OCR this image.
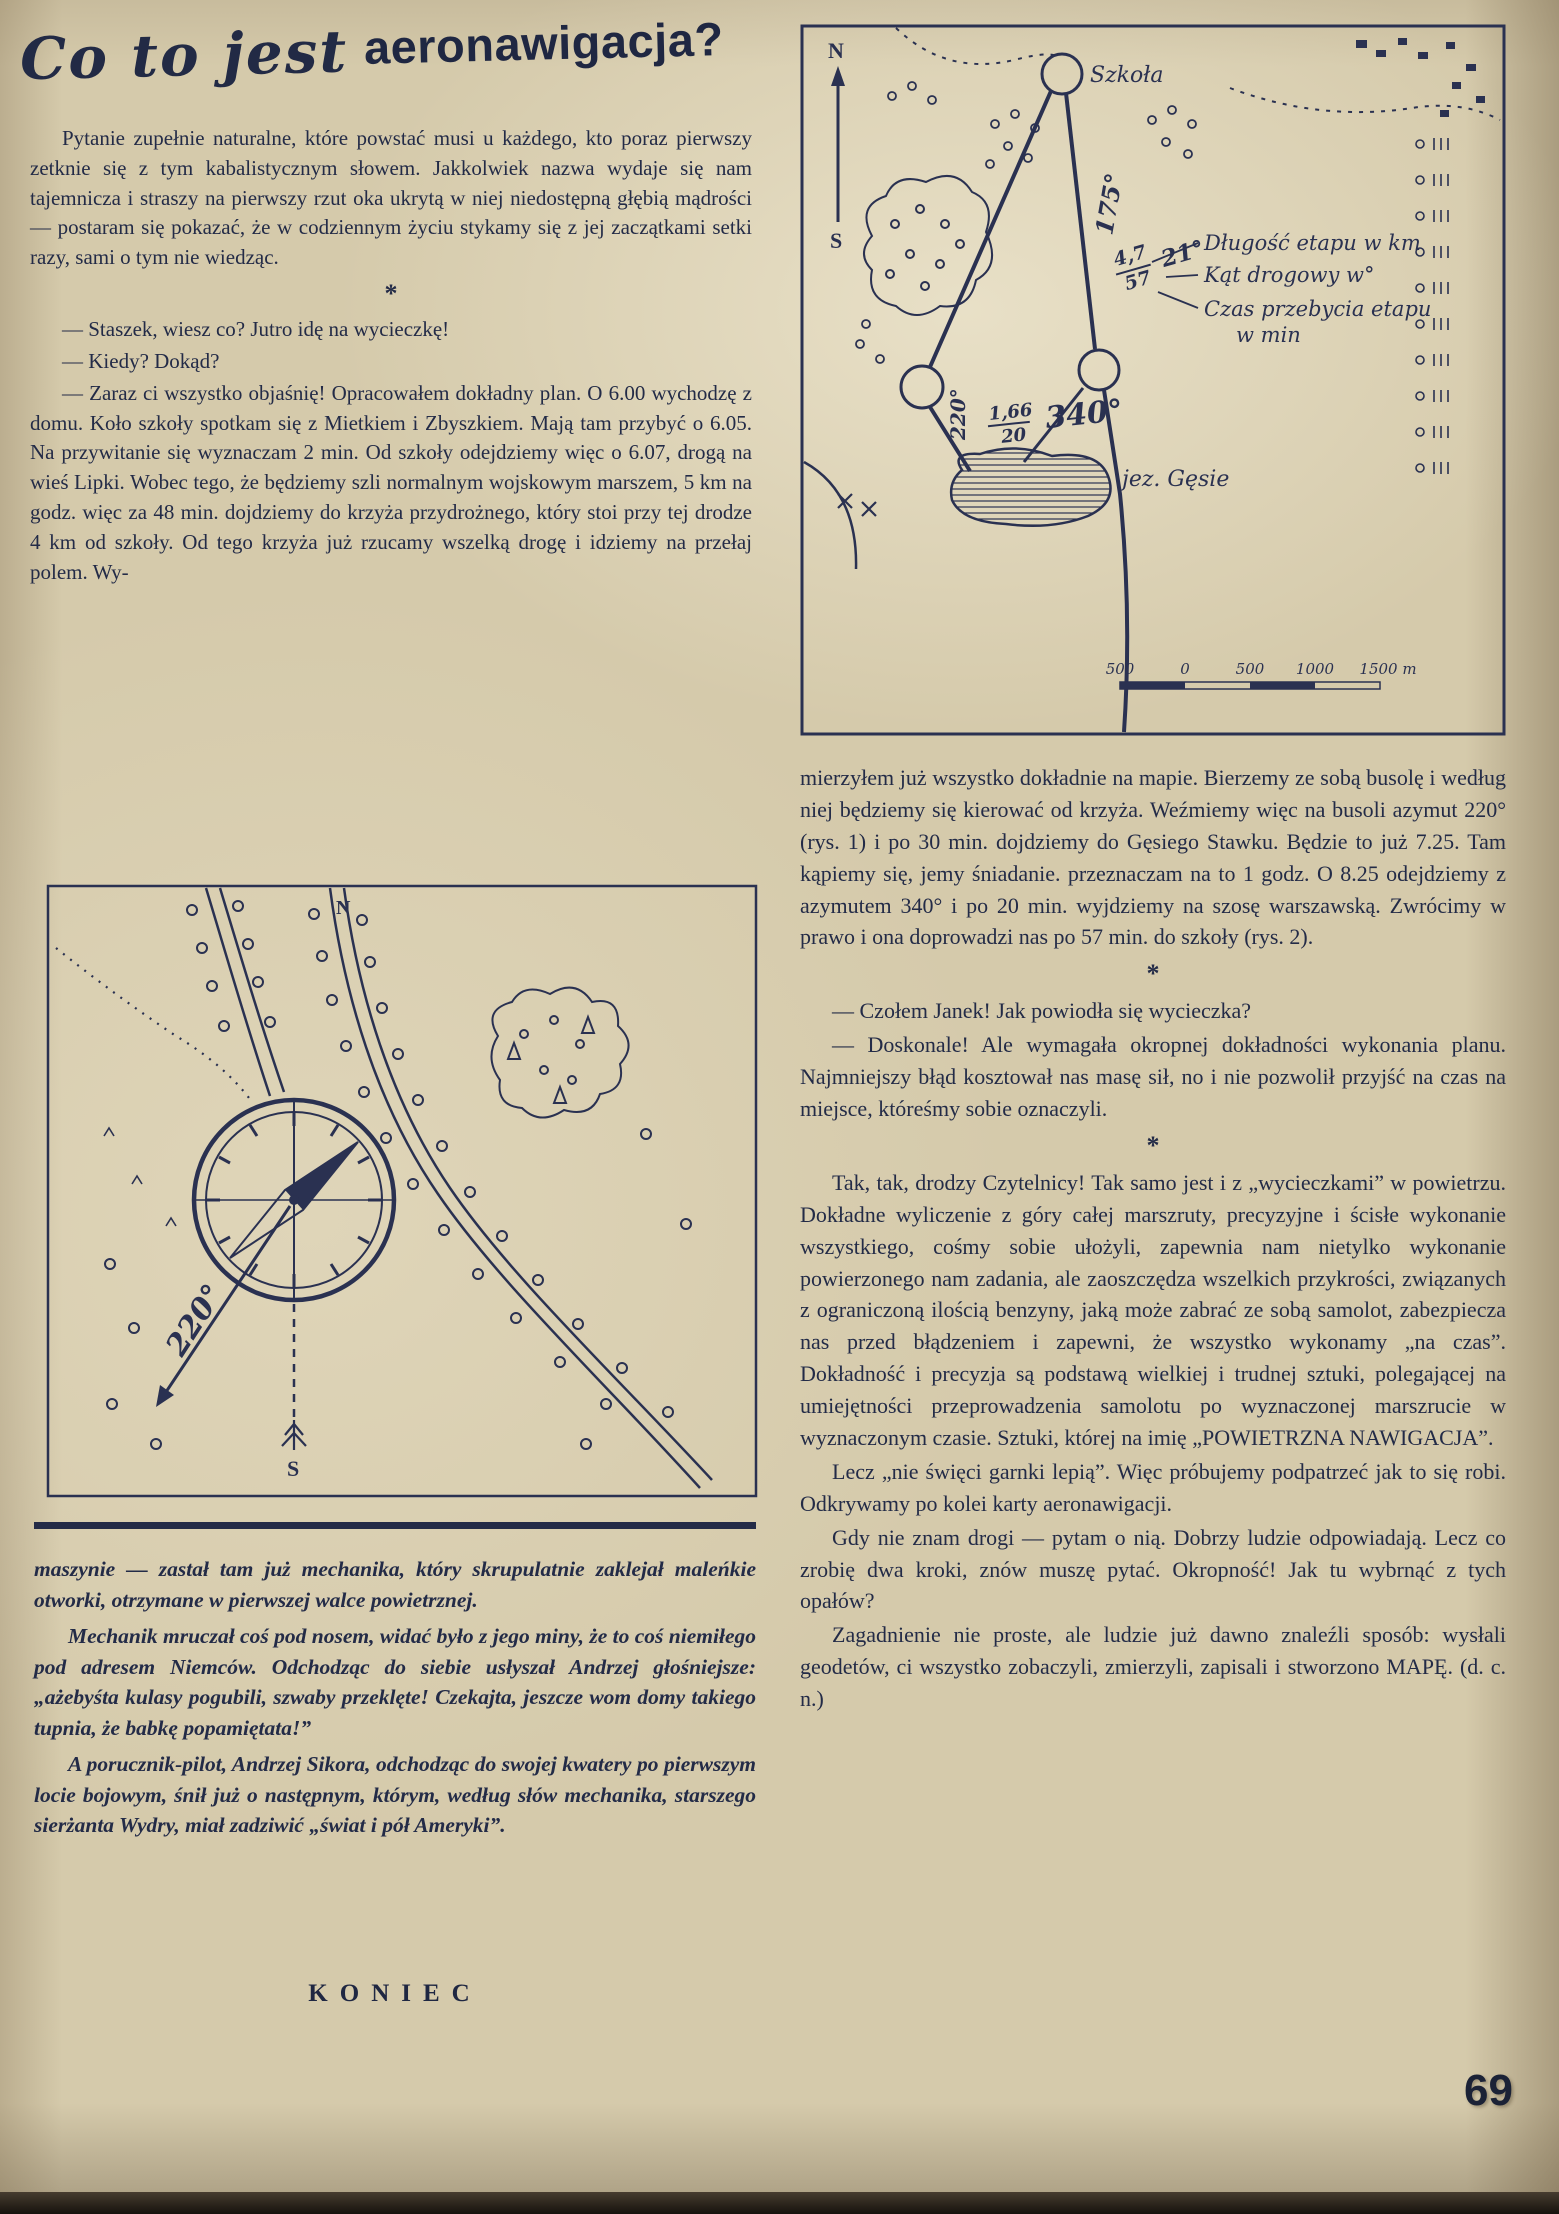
Co to jest aeronawigacja?

Pytanie zupełnie naturalne, które powstać musi u każdego, kto poraz pierwszy zetknie się z tym kabalistycznym słowem. Jakkolwiek nazwa wydaje się nam tajemnicza i straszy na pierwszy rzut oka ukrytą w niej niedostępną głębią mądrości — postaram się pokazać, że w codziennym życiu stykamy się z jej zaczątkami setki razy, sami o tym nie wiedząc.

*

— Staszek, wiesz co? Jutro idę na wycieczkę!

— Kiedy? Dokąd?

— Zaraz ci wszystko objaśnię! Opracowałem dokładny plan. O 6.00 wychodzę z domu. Koło szkoły spotkam się z Mietkiem i Zbyszkiem. Mają tam przybyć o 6.05. Na przywitanie się wyznaczam 2 min. Od szkoły odejdziemy więc o 6.07, drogą na wieś Lipki. Wobec tego, że będziemy szli normalnym wojskowym marszem, 5 km na godz. więc za 48 min. dojdziemy do krzyża przydrożnego, który stoi przy tej drodze 4 km od szkoły. Od tego krzyża już rzucamy wszelką drogę i idziemy na przełaj polem. Wy-

N
S
Szkoła
175°
4,7
57
21°
1,66
20
340°
220°
Długość etapu w km
Kąt drogowy w°
Czas przebycia etapu
w min
jez. Gęsie
500	0	500 1000 1500 m

mierzyłem już wszystko dokładnie na mapie. Bierzemy ze sobą busolę i według niej będziemy się kierować od krzyża. Weźmiemy więc na busoli azymut 220° (rys. 1) i po 30 min. dojdziemy do Gęsiego Stawku. Będzie to już 7.25. Tam kąpiemy się, jemy śniadanie. przeznaczam na to 1 godz. O 8.25 odejdziemy z azymutem 340° i po 20 min. wyjdziemy na szosę warszawską. Zwrócimy w prawo i ona doprowadzi nas po 57 min. do szkoły (rys. 2).

*

— Czołem Janek! Jak powiodła się wycieczka?

— Doskonale! Ale wymagała okropnej dokładności wykonania planu. Najmniejszy błąd kosztował nas masę sił, no i nie pozwolił przyjść na czas na miejsce, któreśmy sobie oznaczyli.

*

Tak, tak, drodzy Czytelnicy! Tak samo jest i z „wycieczkami” w powietrzu. Dokładne wyliczenie z góry całej marszruty, precyzyjne i ścisłe wykonanie wszystkiego, cośmy sobie ułożyli, zapewnia nam nietylko wykonanie powierzonego nam zadania, ale zaoszczędza wszelkich przykrości, związanych z ograniczoną ilością benzyny, jaką może zabrać ze sobą samolot, zabezpiecza nas przed błądzeniem i zapewni, że wszystko wykonamy „na czas”. Dokładność i precyzja są podstawą wielkiej i trudnej sztuki, polegającej na umiejętności przeprowadzenia samolotu po wyznaczonej marszrucie w wyznaczonym czasie. Sztuki, której na imię „POWIETRZNA NAWIGACJA”.

Lecz „nie święci garnki lepią”. Więc próbujemy podpatrzeć jak to się robi. Odkrywamy po kolei karty aeronawigacji.

Gdy nie znam drogi — pytam o nią. Dobrzy ludzie odpowiadają. Lecz co zrobię dwa kroki, znów muszę pytać. Okropność! Jak tu wybrnąć z tych opałów?

Zagadnienie nie proste, ale ludzie już dawno znaleźli sposób: wysłali geodetów, ci wszystko zobaczyli, zmierzyli, zapisali i stworzono MAPĘ. (d. c. n.)

N
220°
S

maszynie — zastał tam już mechanika, który skrupulatnie zaklejał maleńkie otworki, otrzymane w pierwszej walce powietrznej.

Mechanik mruczał coś pod nosem, widać było z jego miny, że to coś niemiłego pod adresem Niemców. Odchodząc do siebie usłyszał Andrzej głośniejsze: „ażebyśta kulasy pogubili, szwaby przeklęte! Czekajta, jeszcze wom domy takiego tupnia, że babkę popamiętata!”

A porucznik-pilot, Andrzej Sikora, odchodząc do swojej kwatery po pierwszym locie bojowym, śnił już o następnym, którym, według słów mechanika, starszego sierżanta Wydry, miał zadziwić „świat i pół Ameryki”.

KONIEC
69
